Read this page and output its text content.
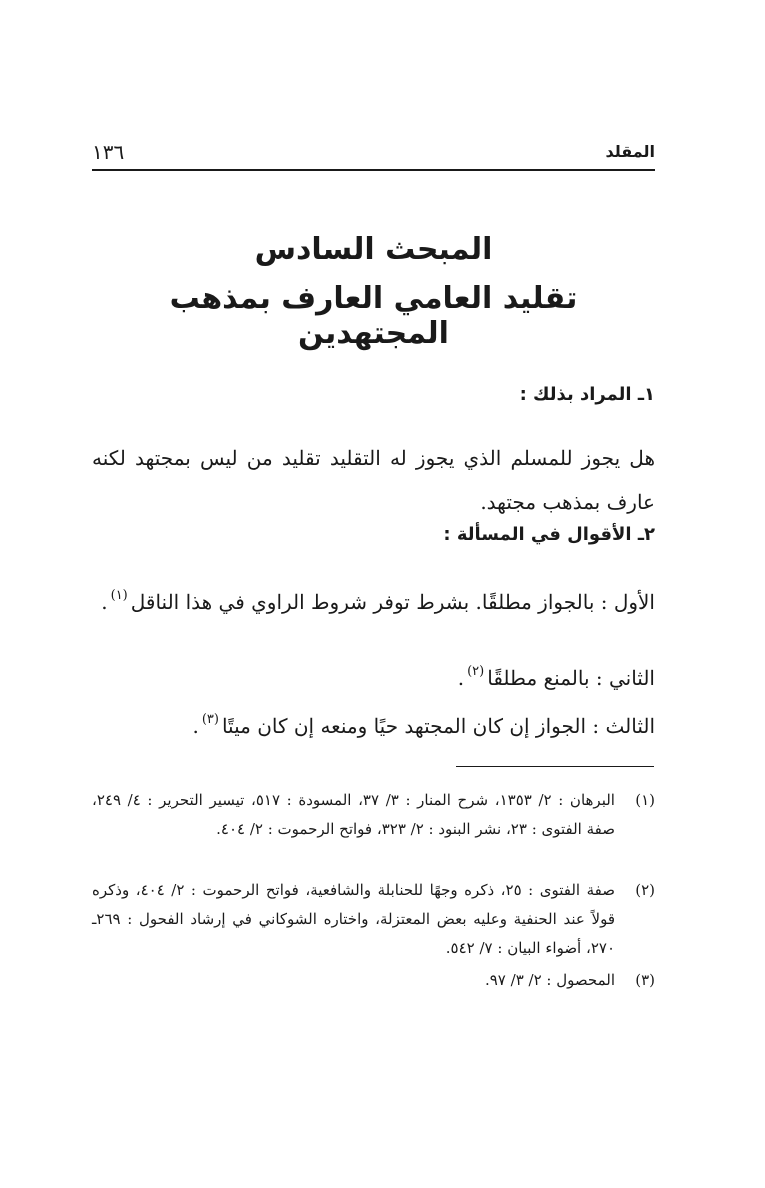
المقلد
١٣٦
المبحث السادس
تقليد العامي العارف بمذهب المجتهدين
١ـ المراد بذلك :
هل يجوز للمسلم الذي يجوز له التقليد تقليد من ليس بمجتهد لكنه عارف بمذهب مجتهد.
٢ـ الأقوال في المسألة :
الأول : بالجواز مطلقًا. بشرط توفر شروط الراوي في هذا الناقل$^{(١)}$.
الثاني : بالمنع مطلقًا$^{(٢)}$.
الثالث : الجواز إن كان المجتهد حيًا ومنعه إن كان ميتًا$^{(٣)}$.
(١)
البرهان : ٢/ ١٣٥٣، شرح المنار : ٣/ ٣٧، المسودة : ٥١٧، تيسير التحرير : ٤/ ٢٤٩، صفة الفتوى : ٢٣، نشر البنود : ٢/ ٣٢٣، فواتح الرحموت : ٢/ ٤٠٤.
(٢)
صفة الفتوى : ٢٥، ذكره وجهًا للحنابلة والشافعية، فواتح الرحموت : ٢/ ٤٠٤، وذكره قولاً عند الحنفية وعليه بعض المعتزلة، واختاره الشوكاني في إرشاد الفحول : ٢٦٩ـ ٢٧٠، أضواء البيان : ٧/ ٥٤٢.
(٣)
المحصول : ٢/ ٣/ ٩٧.
